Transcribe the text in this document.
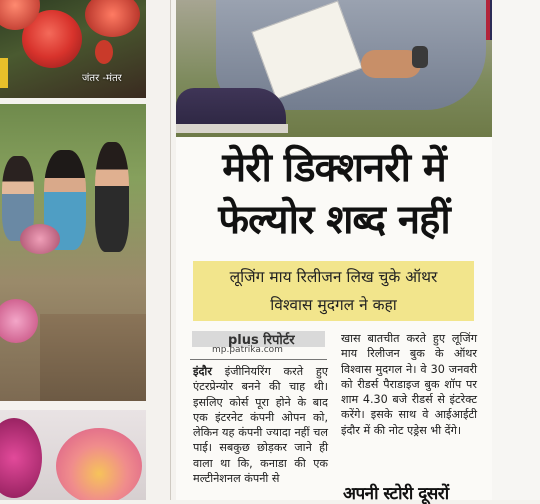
जंतर -मंतर
मेरी डिक्शनरी में
फेल्योर शब्द नहीं
लूजिंग माय रिलीजन लिख चुके ऑथर
विश्वास मुदगल ने कहा
plus रिपोर्टर
mp.patrika.com
इंदौर इंजीनियरिंग करते हुए एंटरप्रेन्योर बनने की चाह थी। इसलिए कोर्स पूरा होने के बाद एक इंटरनेट कंपनी ओपन को, लेकिन यह कंपनी ज्यादा नहीं चल पाई। सबकुछ छोड़कर जाने ही वाला था कि, कनाडा की एक मल्टीनेशनल कंपनी से
खास बातचीत करते हुए लूजिंग माय रिलीजन बुक के ऑथर विश्वास मुदगल ने। वे 30 जनवरी को रीडर्स पैराडाइज बुक शॉप पर शाम 4.30 बजे रीडर्स से इंटरेक्ट करेंगे। इसके साथ वे आईआईटी इंदौर में की नोट एड्रेस भी देंगे।
अपनी स्टोरी दूसरों
